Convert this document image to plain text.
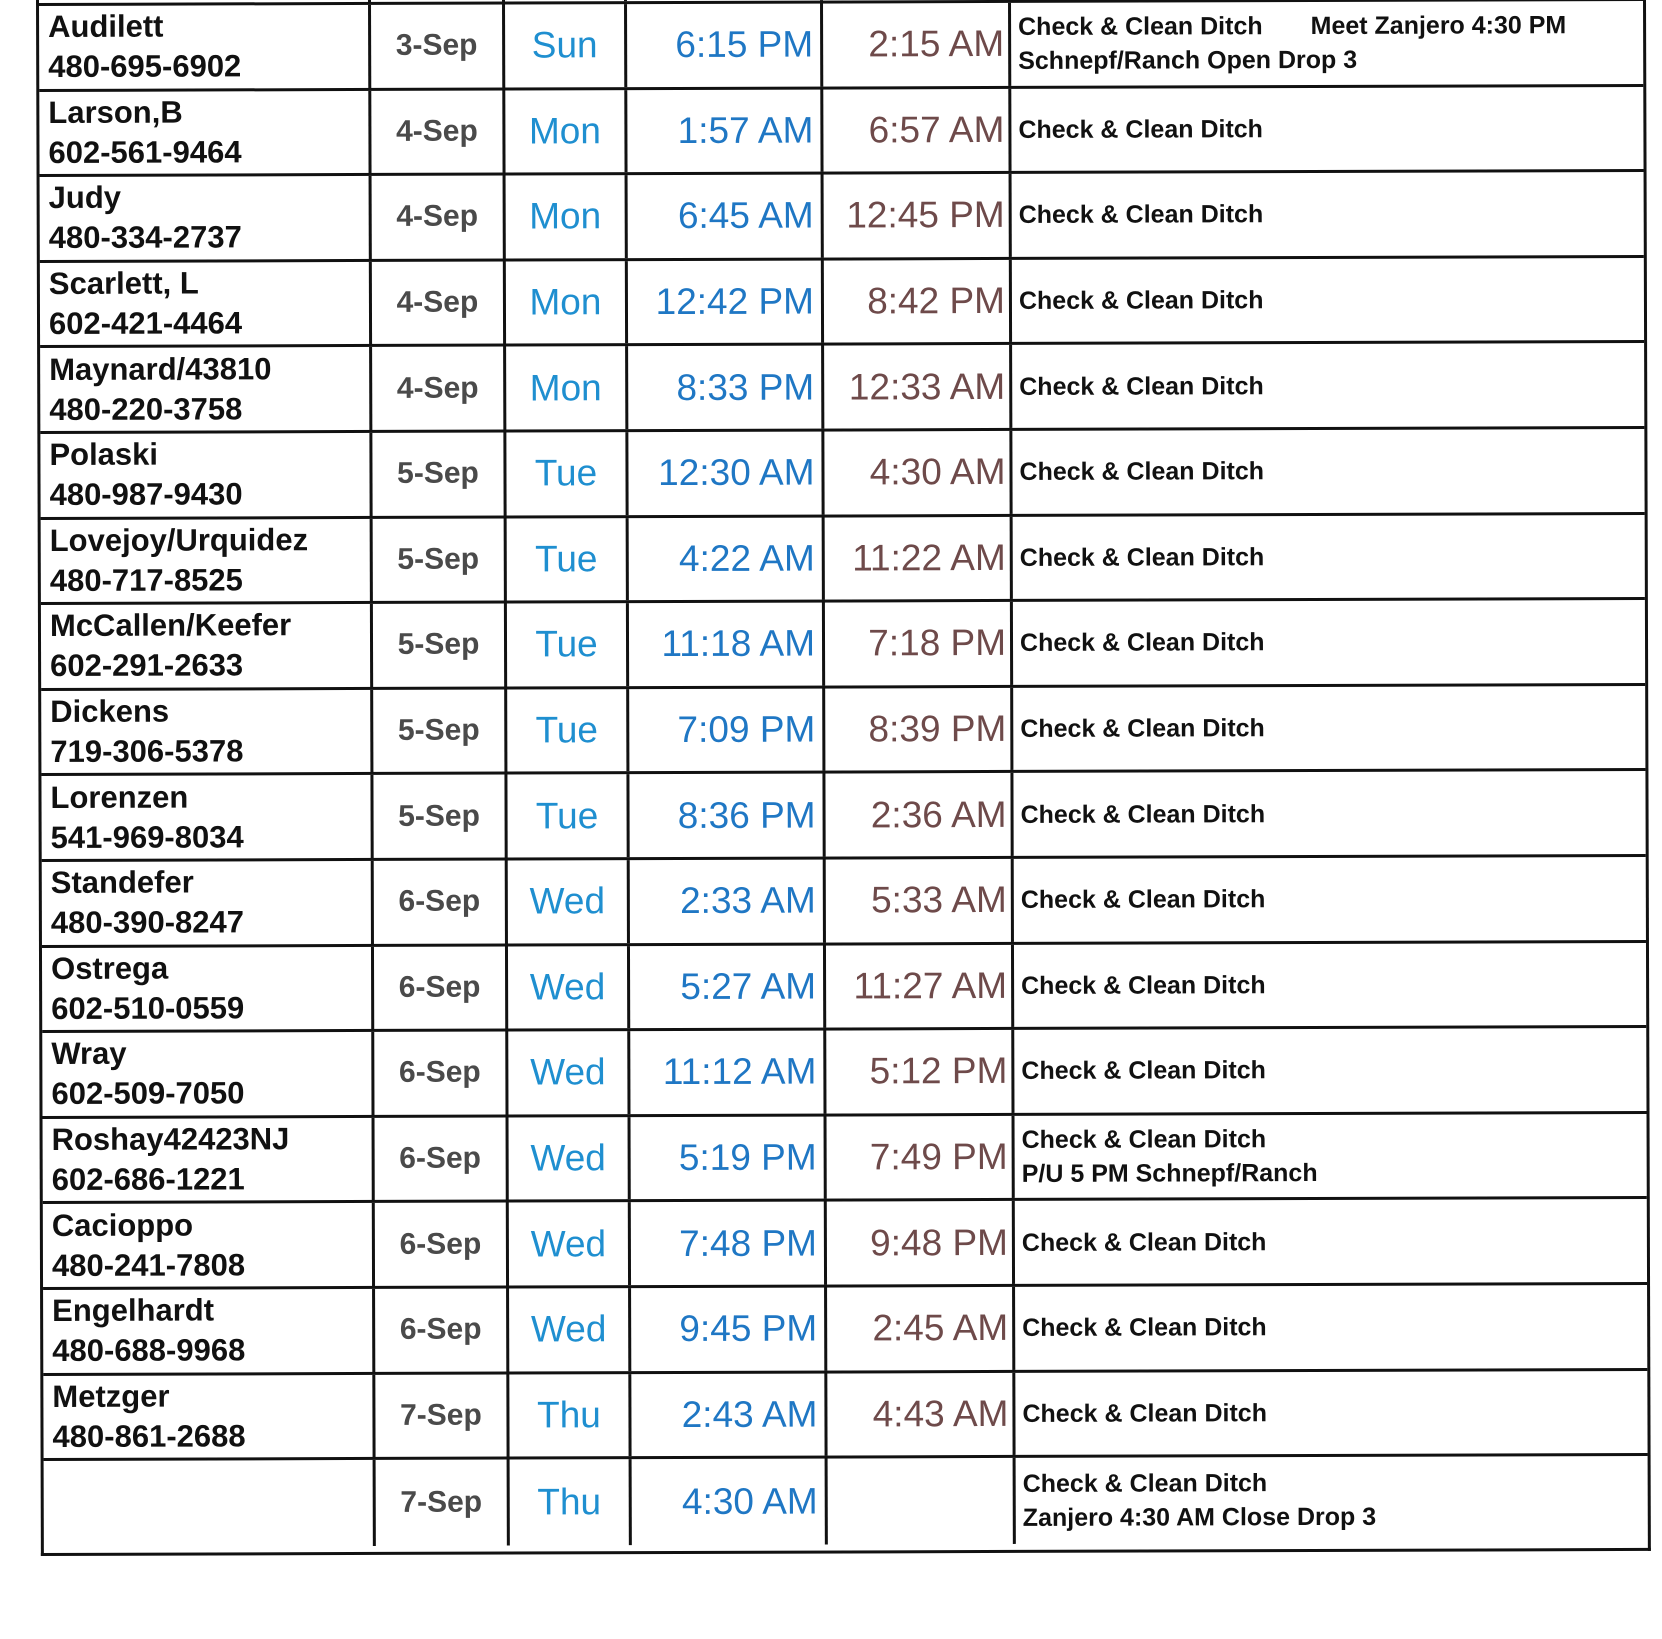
Audilett
480-695-6902
3-Sep Sun 6:15 PM 2:15 AM Check & Clean Ditch Meet Zanjero 4:30 PM
Schnepf/Ranch Open Drop 3
Larson,B
602-561-9464
4-Sep Mon 1:57 AM 6:57 AM Check & Clean Ditch
Judy
480-334-2737
4-Sep Mon 6:45 AM 12:45 PM Check & Clean Ditch
Scarlett, L
602-421-4464
4-Sep Mon 12:42 PM 8:42 PM Check & Clean Ditch
Maynard/43810
480-220-3758
4-Sep Mon 8:33 PM 12:33 AM Check & Clean Ditch
Polaski
480-987-9430
5-Sep Tue 12:30 AM 4:30 AM Check & Clean Ditch
Lovejoy/Urquidez
480-717-8525
5-Sep Tue 4:22 AM 11:22 AM Check & Clean Ditch
McCallen/Keefer
602-291-2633
5-Sep Tue 11:18 AM 7:18 PM Check & Clean Ditch
Dickens
719-306-5378
5-Sep Tue 7:09 PM 8:39 PM Check & Clean Ditch
Lorenzen
541-969-8034
5-Sep Tue 8:36 PM 2:36 AM Check & Clean Ditch
Standefer
480-390-8247
6-Sep Wed 2:33 AM 5:33 AM Check & Clean Ditch
Ostrega
602-510-0559
6-Sep Wed 5:27 AM 11:27 AM Check & Clean Ditch
Wray
602-509-7050
6-Sep Wed 11:12 AM 5:12 PM Check & Clean Ditch
Roshay42423NJ
602-686-1221
6-Sep Wed 5:19 PM 7:49 PM Check & Clean Ditch
P/U 5 PM Schnepf/Ranch
Cacioppo
480-241-7808
6-Sep Wed 7:48 PM 9:48 PM Check & Clean Ditch
Engelhardt
480-688-9968
6-Sep Wed 9:45 PM 2:45 AM Check & Clean Ditch
Metzger
480-861-2688
7-Sep Thu 2:43 AM 4:43 AM Check & Clean Ditch
7-Sep Thu 4:30 AM	Check & Clean Ditch
Zanjero 4:30 AM Close Drop 3
